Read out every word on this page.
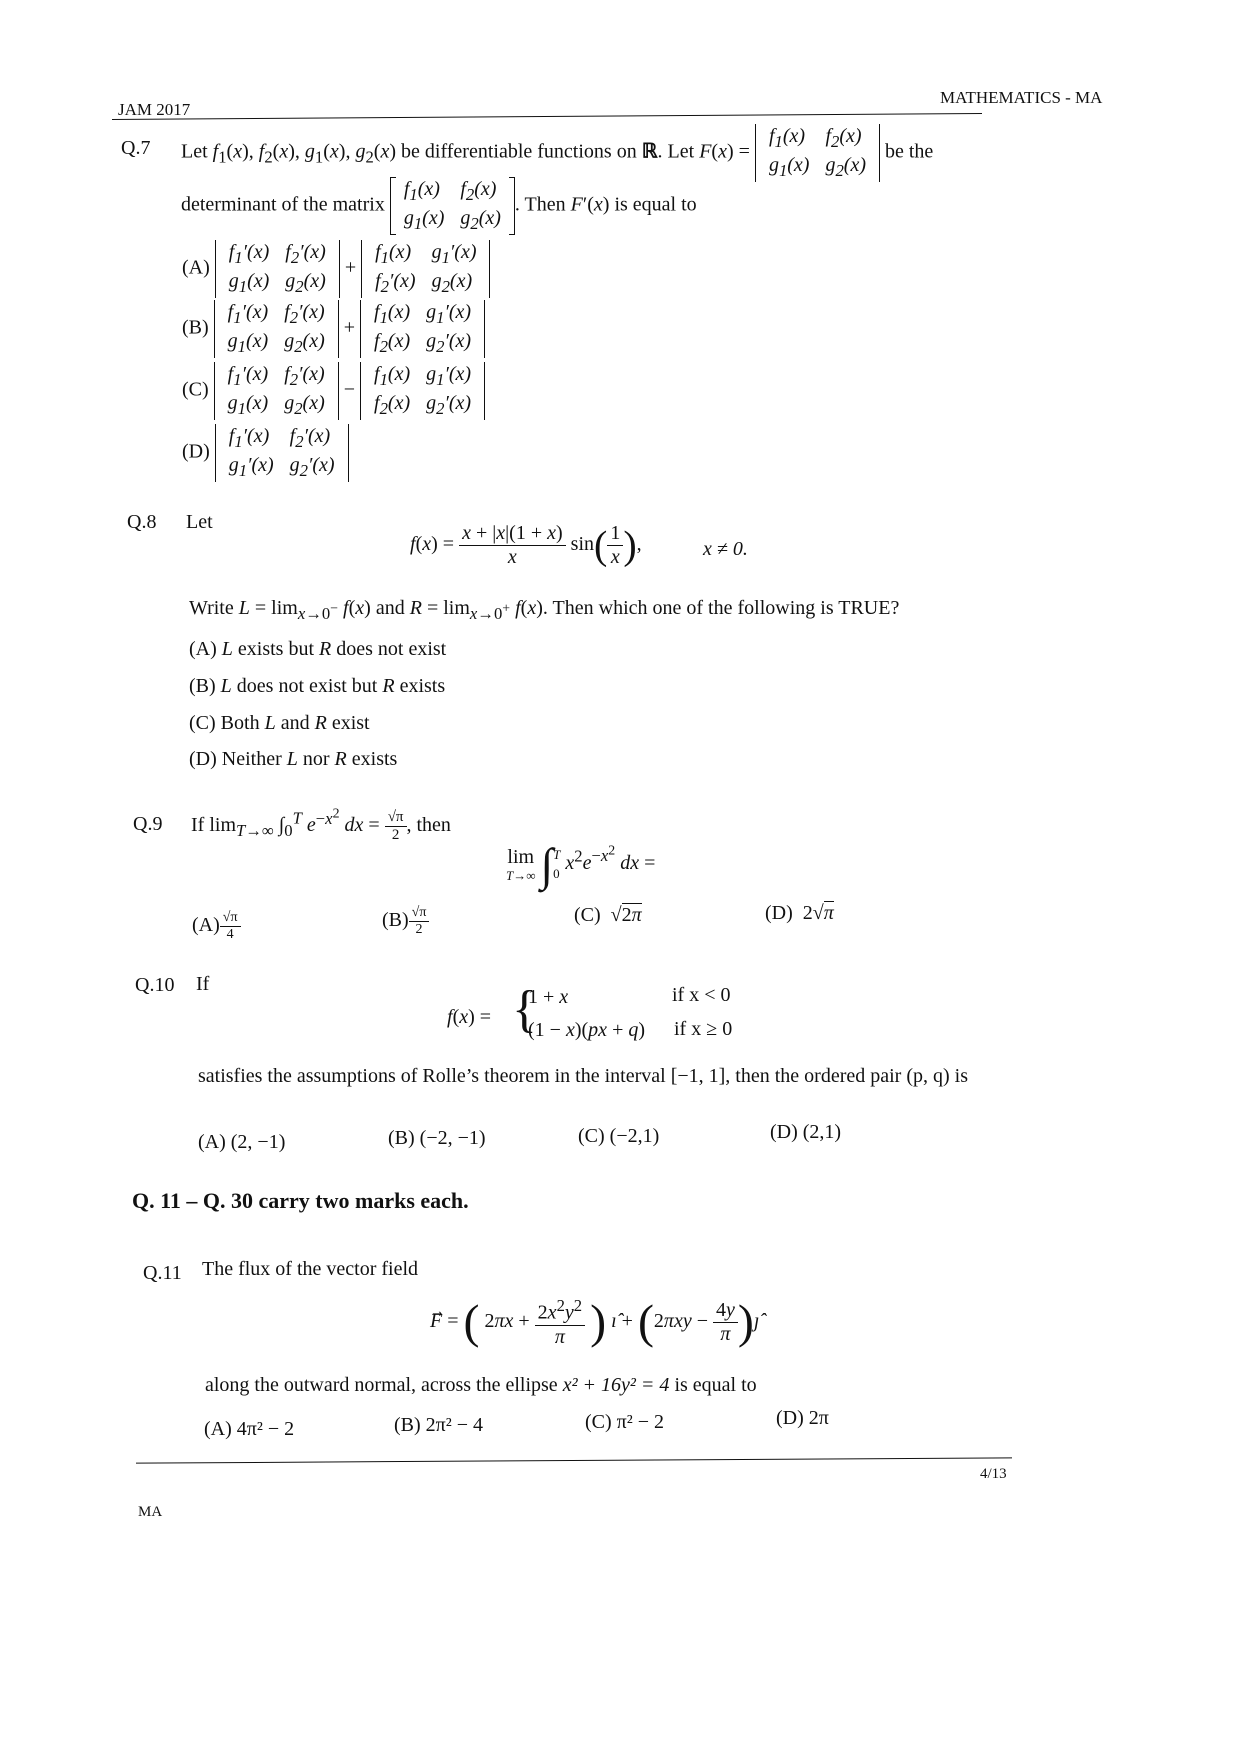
JAM 2017
MATHEMATICS - MA
Q.7 Let $f_1(x)$, $f_2(x)$, $g_1(x)$, $g_2(x)$ be differentiable functions on ℝ. Let F(x) =
$f_1(x)$	$f_2(x)$
$g_1(x)$	$g_2(x)$
be the
determinant of the matrix
$f_1(x)$	$f_2(x)$
$g_1(x)$	$g_2(x)$
. Then F′(x) is equal to
(A)
$f_1'(x)$	$f_2'(x)$
$g_1(x)$	$g_2(x)$
+
$f_1(x)$	$g_1'(x)$
$f_2'(x)$	$g_2(x)$
(B)
$f_1'(x)$	$f_2'(x)$
$g_1(x)$	$g_2(x)$
+
$f_1(x)$	$g_1'(x)$
$f_2(x)$	$g_2'(x)$
(C)
$f_1'(x)$	$f_2'(x)$
$g_1(x)$	$g_2(x)$
−
$f_1(x)$	$g_1'(x)$
$f_2(x)$	$g_2'(x)$
(D)
$f_1'(x)$	$f_2'(x)$
$g_1'(x)$	$g_2'(x)$
Q.8 Let
$f(x) = \frac{x + |x|(1 + x)}{x} \sin( \frac{1}{x}$ ),	x ≠ 0.
Write $L = \lim_{x\to 0^-} f(x)$ and $R = \lim_{x\to 0^+} f(x)$. Then which one of the following is TRUE?
(A) L exists but R does not exist
(B) L does not exist but R exists
(C) Both L and R exist
(D) Neither L nor R exists
Q.9 If $\lim_{T\to\infty} \int_0^T$ $e^{-x^2}$ dx = $\frac{√\pi}{2}$ , then
lim
T→∞ ∫T
0 $x^2e^{-x^2}$ dx =
$(A) \frac{√\pi}{4}$	$(B) \frac{√\pi}{2}$	(C)  √2π	(D)  2√π
Q.10 If
f(x) = {
1 + x	if x < 0
(1 − x)(px + q) if x ≥ 0
satisfies the assumptions of Rolle’s theorem in the interval [−1, 1], then the ordered pair (p, q) is
(A) (2, −1)	(B) (−2, −1)	(C) (−2,1)	(D) (2,1)
Q. 11 – Q. 30 carry two marks each.
Q.11 The flux of the vector field
F⃗ = ( $2\pi x + \frac{2x^2y^2}{\pi}$ ) ı̂ + ($2\pi xy - \frac{4y}{\pi}$ )ȷ̂
along the outward normal, across the ellipse x² + 16y² = 4 is equal to
(A) 4π² − 2	(B) 2π² − 4	(C) π² − 2	(D) 2π
4/13
MA
